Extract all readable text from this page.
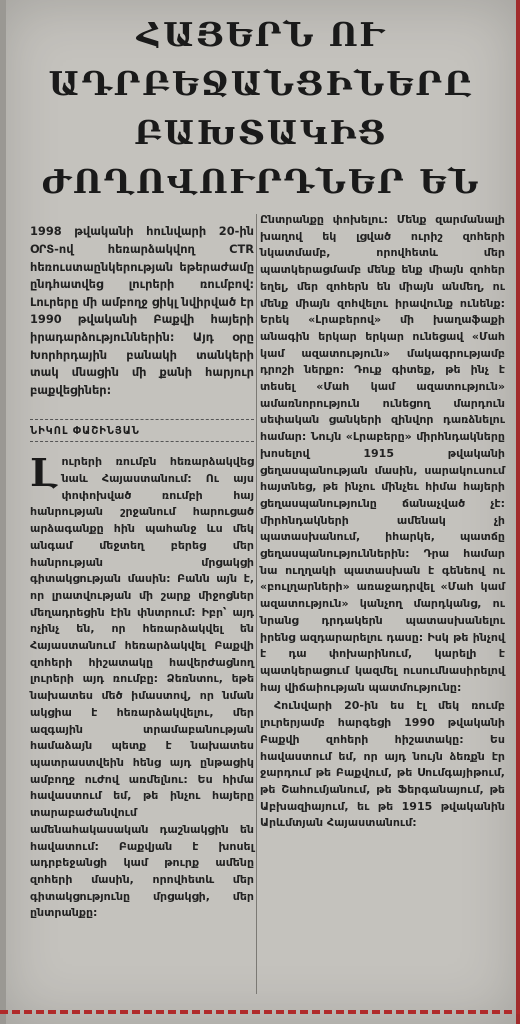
ՀԱՅԵՐՆ ՈՒ
ԱԴՐԲԵՋԱՆՑԻՆԵՐԸ
ԲԱԽՏԱԿԻՑ
ԺՈՂՈՎՈՒՐԴՆԵՐ ԵՆ

1998 թվականի հունվարի 20-ին ՕՐՏ-ով հեռարձակվող CTR հեռուստաընկերության եթերաժամը ընդհատվեց լուրերի ռումբով: Լուրերը մի ամբողջ ցիկլ նվիրված էր 1990 թվականի Բաքվի հայերի իրադարձություններին: Այդ օրը Խորհրդային բանակի տանկերի տակ մնացին մի քանի հարյուր բաքվեցիներ:

ՆԻԿՈԼ ՓԱՇԻՆՅԱՆ

Լուրերի ռումբն հեռարձակվեց նաև Հայաստանում: Ու այս փոփոխված ռումբի հայ հանրության շրջանում հարուցած արձագանքը հին պահանջ ևս մեկ անգամ մեջտեղ բերեց մեր հանրության մրցակցի գիտակցության մասին: Բանն այն է, որ լրատվության մի շարք միջոցներ մեղադրեցին էին փնտրում: Իբր՝ այդ ոչինչ են, որ հեռարձակվել են Հայաստանում հեռարձակվել Բաքվի զոհերի հիշատակը հավերժացնող լուրերի այդ ռումբը: Ձեռնտու, եթե նախատես մեծ իմաստով, որ նման ակցիա է հեռարձակվելու, մեր ազգային տրամաբանության համաձայն պետք է նախատես պատրաստվեին հենց այդ ընթացիկ ամբողջ ուժով առմելնու: Ես հիմա հավաստում եմ, թե ինչու հայերը տարաբաժանվում ամենահակասական դաշնակցին են հավատում: Բաքվյան է խոսել ադրբեջանցի կամ թուրք ամենը զոհերի մասին, որովհետև մեր գիտակցությունը մրցակցի, մեր ընտրանքը:

Ընտրանքը փոխելու: Մենք զարմանալի խաղով եկ լցված ուրիշ զոհերի նկատմամբ, որովհետև մեր պատկերացմամբ մենք ենք միայն զոհեր եղել, մեր զոհերն են միայն անմեղ, ու մենք միայն զոհվելու իրավունք ունենք: Երեկ «Լրաբերով» մի խաղաֆաքի անագին երկար երկար ունեցավ «Մահ կամ ազատություն» մակագրությամբ դրոշի ներքո: Դուք գիտեք, թե ինչ է տեսել «Մահ կամ ազատություն» ամառնորություն ունեցող մարդուն սեփական ցանկերի զինվոր դառձնելու համար: Նույն «Լրաբերը» միրհնդակները խոսելով 1915 թվականի ցեղասպանության մասին, սարակուսում հայտնեց, թե ինչու մինչեւ հիմա հայերի ցեղասպանությունը ճանաչված չէ: միրհնդակների ամենակ չի պատասխանում, իհարկե, պատճը ցեղասպանություններին: Դրա համար նա ուղղակի պատասխան է գենեով ու «բուլղարների» առաջադրվել «Մահ կամ ազատություն» կանչող մարդկանց, ու նրանց դրդակերն պատասխանելու իրենց ազդարարելու դասը: Իսկ թե ինչով է դա փոխարինում, կարելի է պատկերացում կազմել ուսումնասիրելով հայ վիճաիության պատմությունը:

Հունվարի 20-ին ես էլ մեկ ռումբ լուրերյամբ հարգեցի 1990 թվականի Բաքվի զոհերի հիշատակը: Ես հավաստում եմ, որ այդ նույն ձեռքն էր ջարդում թե Բաքվում, թե Սումգայիթում, թե Շահումյանում, թե Ֆերգանայում, թե Աբխազիայում, եւ թե 1915 թվականին Արևմտյան Հայաստանում:
